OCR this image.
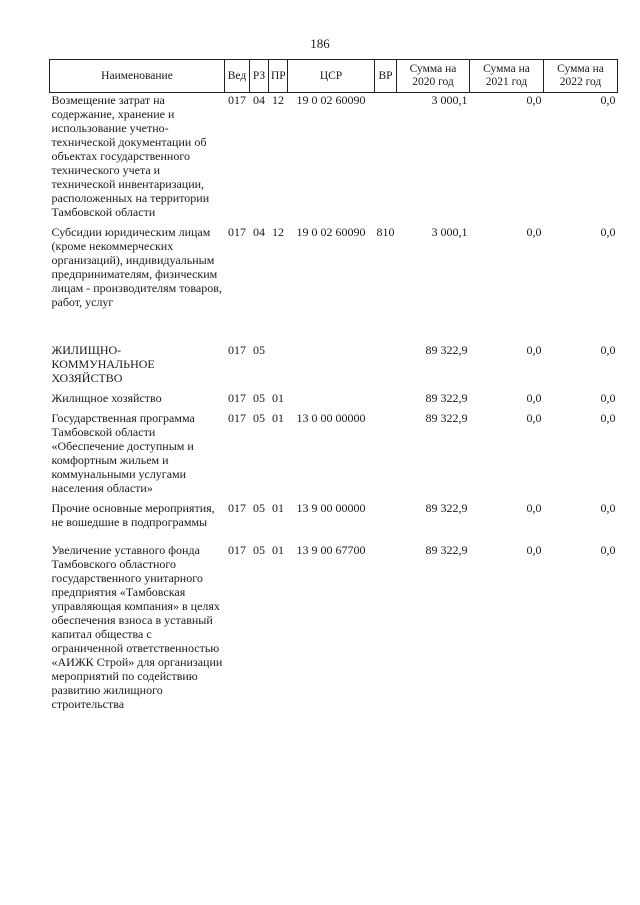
186
Наименование	Вед	РЗ	ПР	ЦСР	ВР	Сумма на 2020 год	Сумма на 2021 год	Сумма на 2022 год
Возмещение затрат на содержание, хранение и использование учетно-технической документации об объектах государственного технического учета и технической инвентаризации, расположенных на территории Тамбовской области	017	04	12	19 0 02 60090		3 000,1	0,0	0,0
Субсидии юридическим лицам (кроме некоммерческих организаций), индивидуальным предпринимателям, физическим лицам - производителям товаров, работ, услуг	017	04	12	19 0 02 60090	810	3 000,1	0,0	0,0
ЖИЛИЩНО-КОММУНАЛЬНОЕ ХОЗЯЙСТВО	017	05				89 322,9	0,0	0,0
Жилищное хозяйство	017	05	01			89 322,9	0,0	0,0
Государственная программа Тамбовской области «Обеспечение доступным и комфортным жильем и коммунальными услугами населения области»	017	05	01	13 0 00 00000		89 322,9	0,0	0,0
Прочие основные мероприятия, не вошедшие в подпрограммы	017	05	01	13 9 00 00000		89 322,9	0,0	0,0
Увеличение уставного фонда Тамбовского областного государственного унитарного предприятия «Тамбовская управляющая компания» в целях обеспечения взноса в уставный капитал общества с ограниченной ответственностью «АИЖК Строй» для организации мероприятий по содействию развитию жилищного строительства	017	05	01	13 9 00 67700		89 322,9	0,0	0,0
